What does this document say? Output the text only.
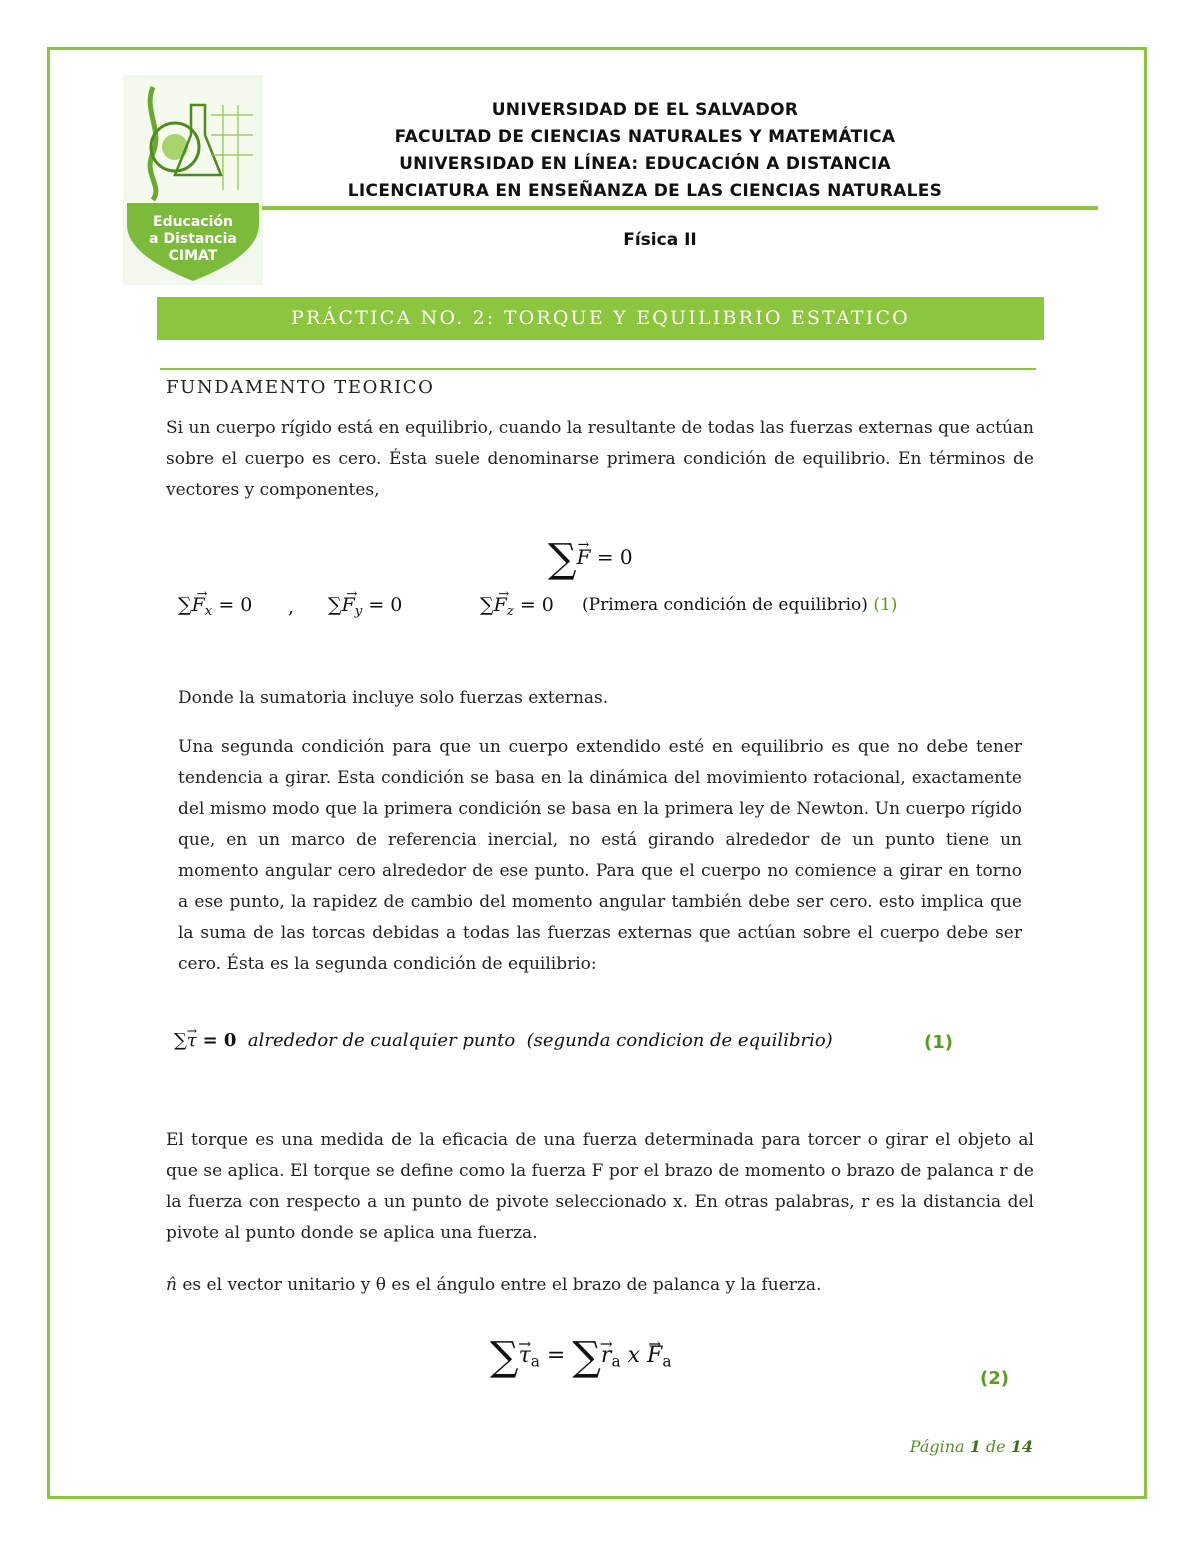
Educación
a Distancia
CIMAT
UNIVERSIDAD DE EL SALVADOR
FACULTAD DE CIENCIAS NATURALES Y MATEMÁTICA
UNIVERSIDAD EN LÍNEA: EDUCACIÓN A DISTANCIA
LICENCIATURA EN ENSEÑANZA DE LAS CIENCIAS NATURALES
Física II
PRÁCTICA NO. 2: TORQUE Y EQUILIBRIO ESTATICO
FUNDAMENTO TEORICO
Si un cuerpo rígido está en equilibrio, cuando la resultante de todas las fuerzas externas que actúan sobre el cuerpo es cero. Ésta suele denominarse primera condición de equilibrio. En términos de vectores y componentes,
∑→ F = 0
∑→ $F_x = 0$ , ∑→ $F_y = 0$	∑→ $F_z = 0$ (Primera condición de equilibrio) (1)
Donde la sumatoria incluye solo fuerzas externas.
Una segunda condición para que un cuerpo extendido esté en equilibrio es que no debe tener tendencia a girar. Esta condición se basa en la dinámica del movimiento rotacional, exactamente del mismo modo que la primera condición se basa en la primera ley de Newton. Un cuerpo rígido que, en un marco de referencia inercial, no está girando alrededor de un punto tiene un momento angular cero alrededor de ese punto. Para que el cuerpo no comience a girar en torno a ese punto, la rapidez de cambio del momento angular también debe ser cero. esto implica que la suma de las torcas debidas a todas las fuerzas externas que actúan sobre el cuerpo debe ser cero. Ésta es la segunda condición de equilibrio:
∑→ τ = 0 alrededor de cualquier punto (segunda condicion de equilibrio)	(1)
El torque es una medida de la eficacia de una fuerza determinada para torcer o girar el objeto al que se aplica. El torque se define como la fuerza F por el brazo de momento o brazo de palanca r de la fuerza con respecto a un punto de pivote seleccionado x. En otras palabras, r es la distancia del pivote al punto donde se aplica una fuerza.
n̂ es el vector unitario y θ es el ángulo entre el brazo de palanca y la fuerza.
∑→ $\tau_a$ = ∑→ $r_a$ $x \to F_a$
(2)
Página 1 de 14
